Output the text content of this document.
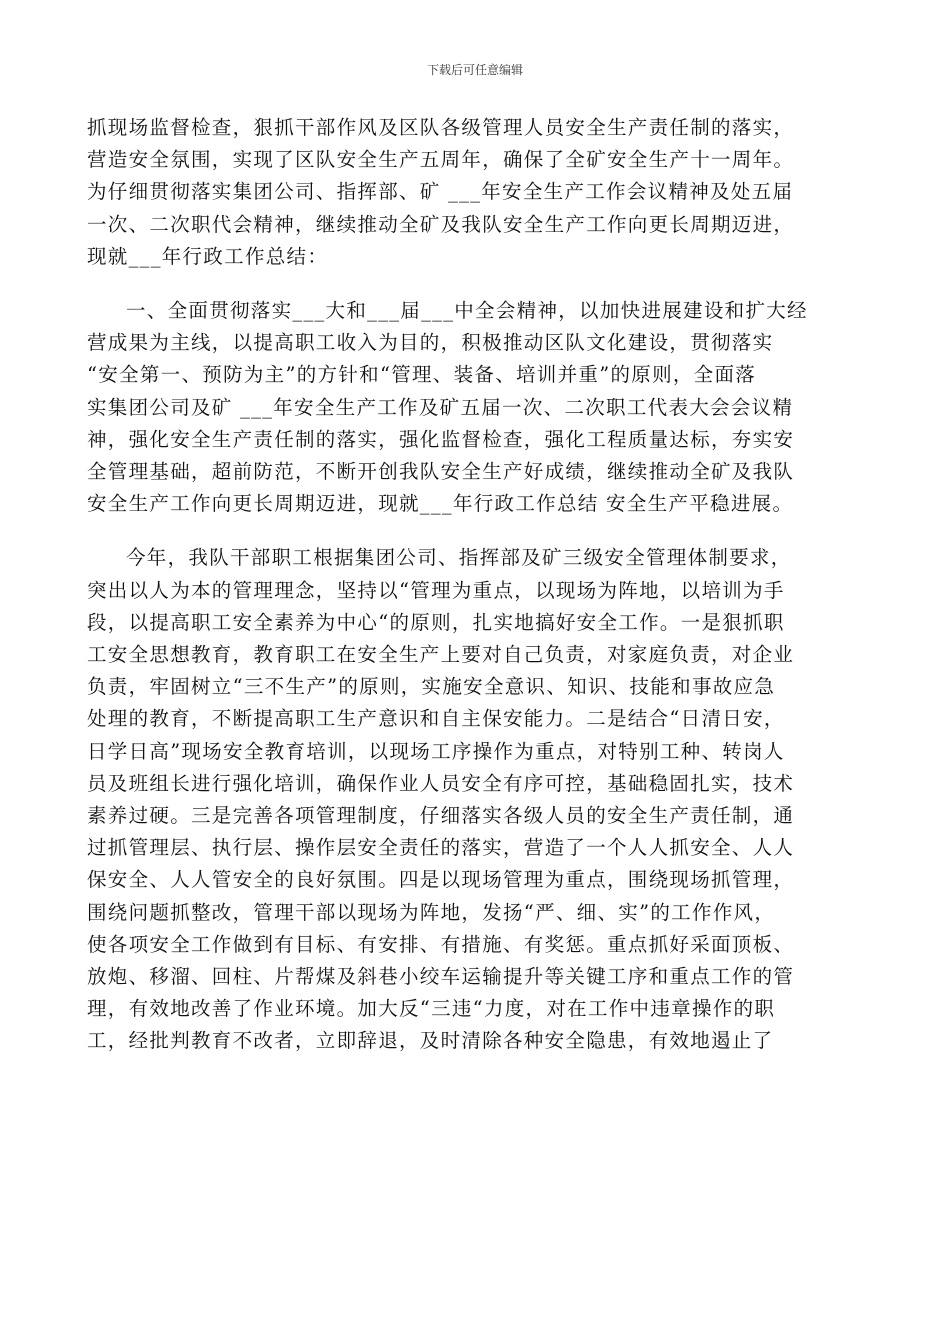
下载后可任意编辑

抓现场监督检查，狠抓干部作风及区队各级管理人员安全生产责任制的落实，
营造安全氛围，实现了区队安全生产五周年，确保了全矿安全生产十一周年。
为仔细贯彻落实集团公司、指挥部、矿 ___年安全生产工作会议精神及处五届
一次、二次职代会精神，继续推动全矿及我队安全生产工作向更长周期迈进，
现就___年行政工作总结：

一、全面贯彻落实___大和___届___中全会精神，以加快进展建设和扩大经
营成果为主线，以提高职工收入为目的，积极推动区队文化建设，贯彻落实
“安全第一、预防为主”的方针和“管理、装备、培训并重”的原则，全面落
实集团公司及矿 ___年安全生产工作及矿五届一次、二次职工代表大会会议精
神，强化安全生产责任制的落实，强化监督检查，强化工程质量达标，夯实安
全管理基础，超前防范，不断开创我队安全生产好成绩，继续推动全矿及我队
安全生产工作向更长周期迈进，现就___年行政工作总结 安全生产平稳进展。

今年，我队干部职工根据集团公司、指挥部及矿三级安全管理体制要求，
突出以人为本的管理理念，坚持以“管理为重点，以现场为阵地，以培训为手
段，以提高职工安全素养为中心“的原则，扎实地搞好安全工作。一是狠抓职
工安全思想教育，教育职工在安全生产上要对自己负责，对家庭负责，对企业
负责，牢固树立“三不生产”的原则，实施安全意识、知识、技能和事故应急
处理的教育，不断提高职工生产意识和自主保安能力。二是结合“日清日安，
日学日高”现场安全教育培训，以现场工序操作为重点，对特别工种、转岗人
员及班组长进行强化培训，确保作业人员安全有序可控，基础稳固扎实，技术
素养过硬。三是完善各项管理制度，仔细落实各级人员的安全生产责任制，通
过抓管理层、执行层、操作层安全责任的落实，营造了一个人人抓安全、人人
保安全、人人管安全的良好氛围。四是以现场管理为重点，围绕现场抓管理，
围绕问题抓整改，管理干部以现场为阵地，发扬“严、细、实”的工作作风，
使各项安全工作做到有目标、有安排、有措施、有奖惩。重点抓好采面顶板、
放炮、移溜、回柱、片帮煤及斜巷小绞车运输提升等关键工序和重点工作的管
理，有效地改善了作业环境。加大反“三违“力度，对在工作中违章操作的职
工，经批判教育不改者，立即辞退，及时清除各种安全隐患，有效地遏止了
